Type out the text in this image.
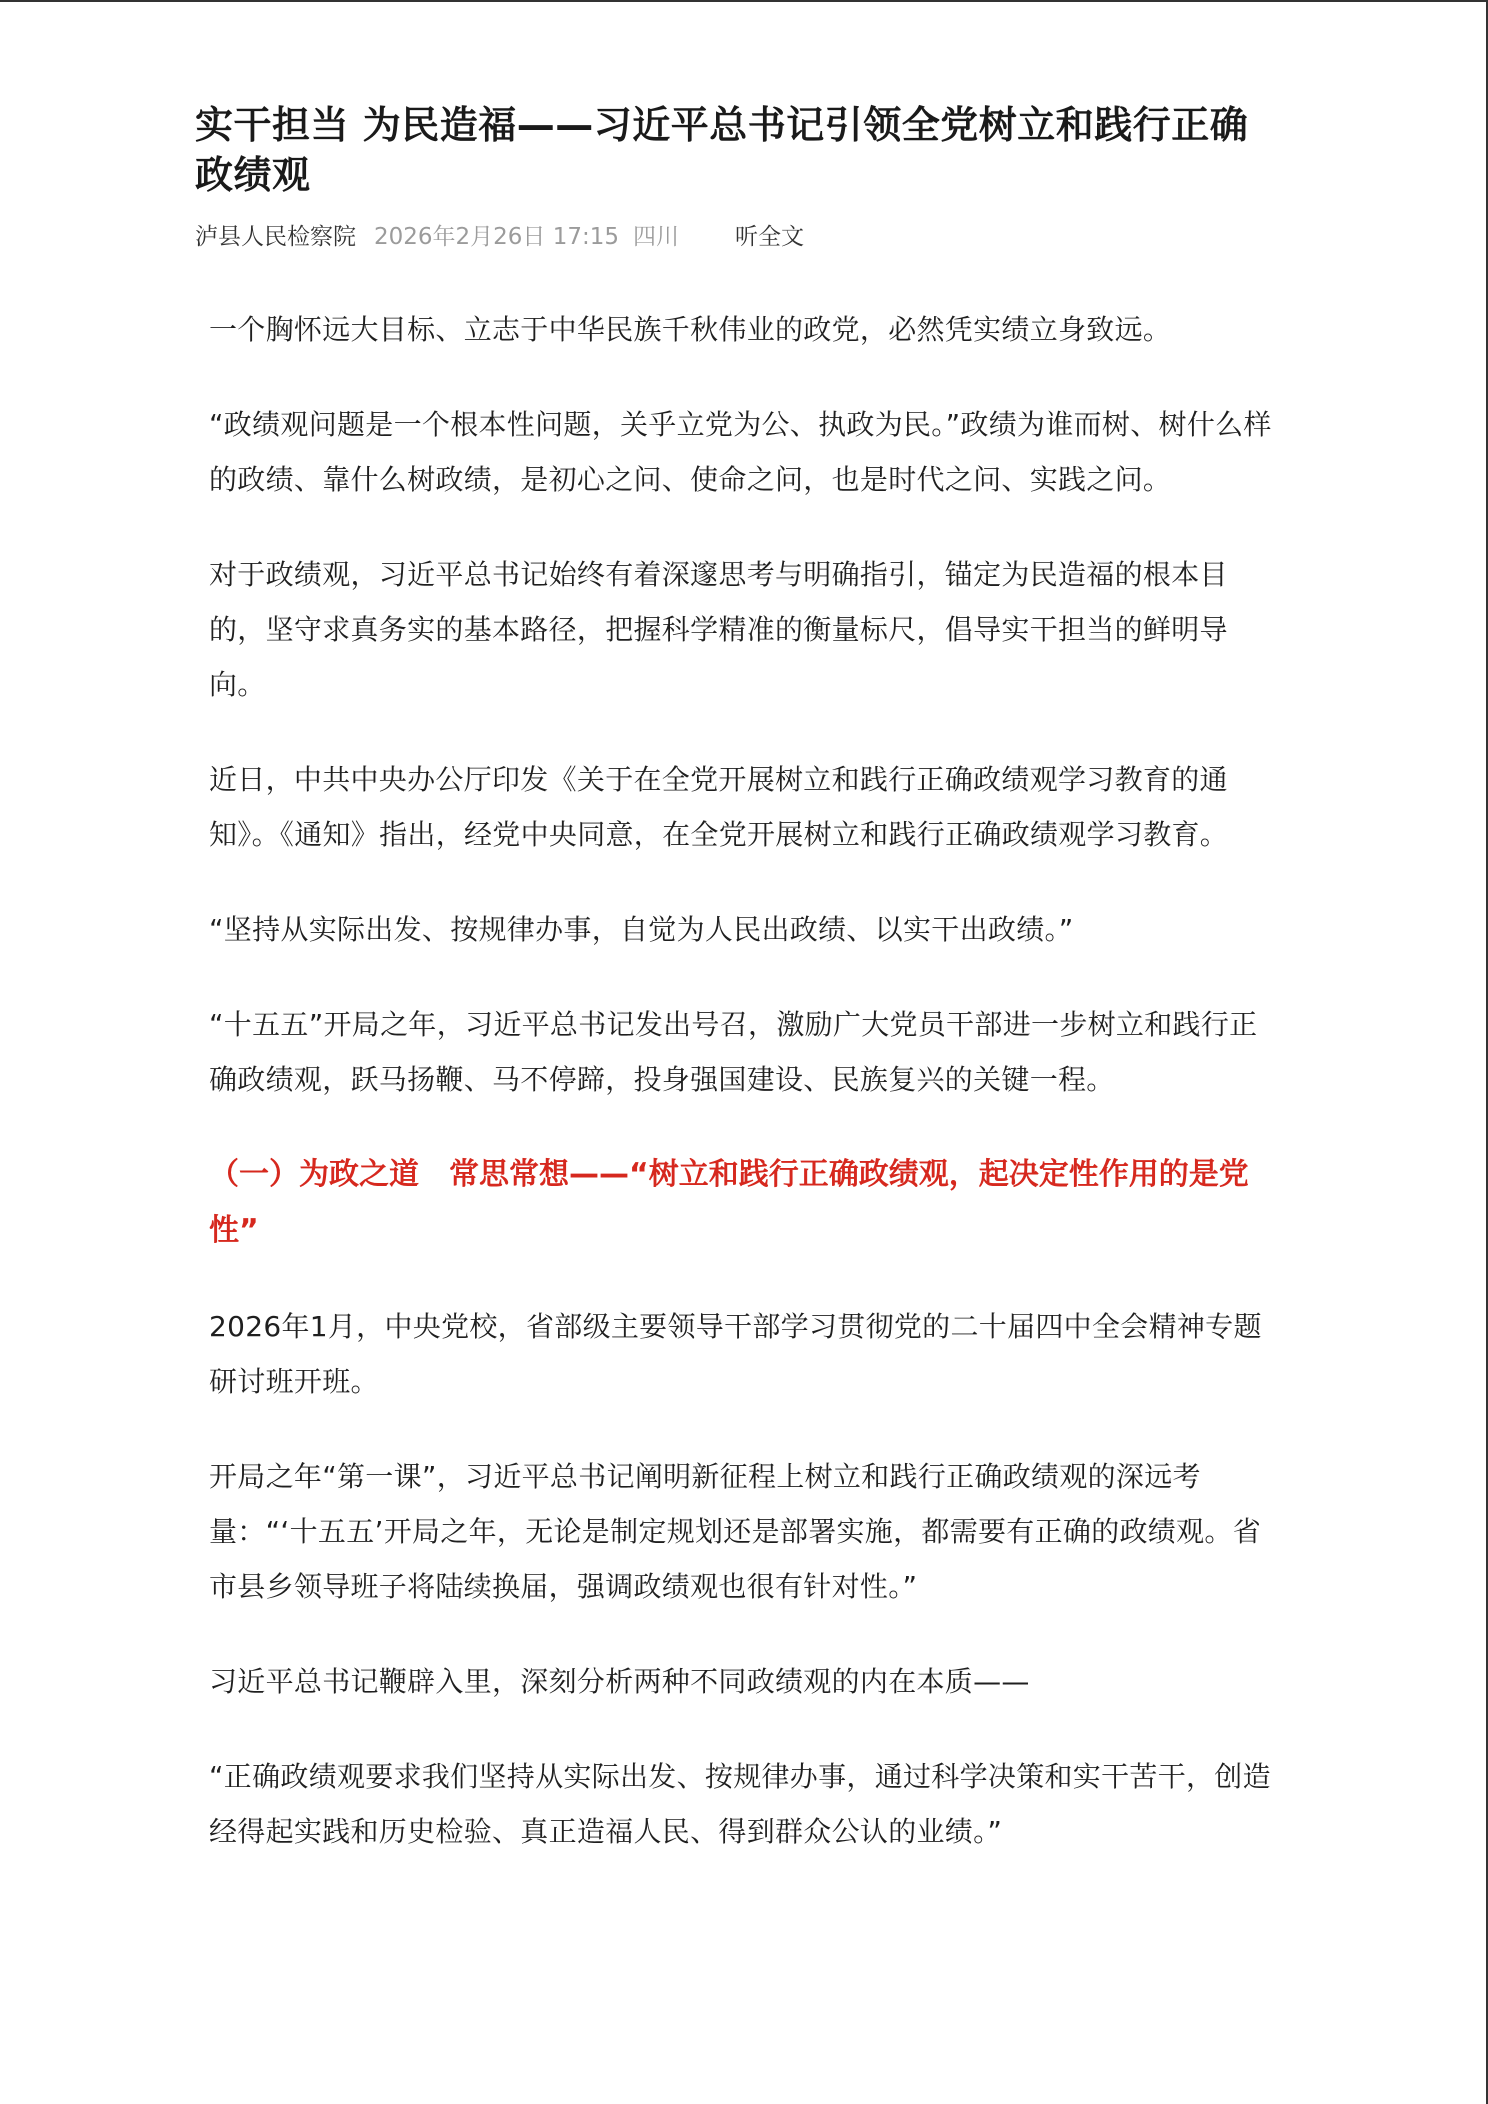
实干担当 为民造福——习近平总书记引领全党树立和践行正确政绩观
泸县人民检察院 2026年2月26日 17:15 四川 听全文

一个胸怀远大目标、立志于中华民族千秋伟业的政党，必然凭实绩立身致远。

“政绩观问题是一个根本性问题，关乎立党为公、执政为民。”政绩为谁而树、树什么样的政绩、靠什么树政绩，是初心之问、使命之问，也是时代之问、实践之问。

对于政绩观，习近平总书记始终有着深邃思考与明确指引，锚定为民造福的根本目的，坚守求真务实的基本路径，把握科学精准的衡量标尺，倡导实干担当的鲜明导向。

近日，中共中央办公厅印发《关于在全党开展树立和践行正确政绩观学习教育的通知》。《通知》指出，经党中央同意，在全党开展树立和践行正确政绩观学习教育。

“坚持从实际出发、按规律办事，自觉为人民出政绩、以实干出政绩。”

“十五五”开局之年，习近平总书记发出号召，激励广大党员干部进一步树立和践行正确政绩观，跃马扬鞭、马不停蹄，投身强国建设、民族复兴的关键一程。

（一）为政之道　常思常想——“树立和践行正确政绩观，起决定性作用的是党性”

2026年1月，中央党校，省部级主要领导干部学习贯彻党的二十届四中全会精神专题研讨班开班。

开局之年“第一课”，习近平总书记阐明新征程上树立和践行正确政绩观的深远考量：“‘十五五’开局之年，无论是制定规划还是部署实施，都需要有正确的政绩观。省市县乡领导班子将陆续换届，强调政绩观也很有针对性。”

习近平总书记鞭辟入里，深刻分析两种不同政绩观的内在本质——

“正确政绩观要求我们坚持从实际出发、按规律办事，通过科学决策和实干苦干，创造经得起实践和历史检验、真正造福人民、得到群众公认的业绩。”
